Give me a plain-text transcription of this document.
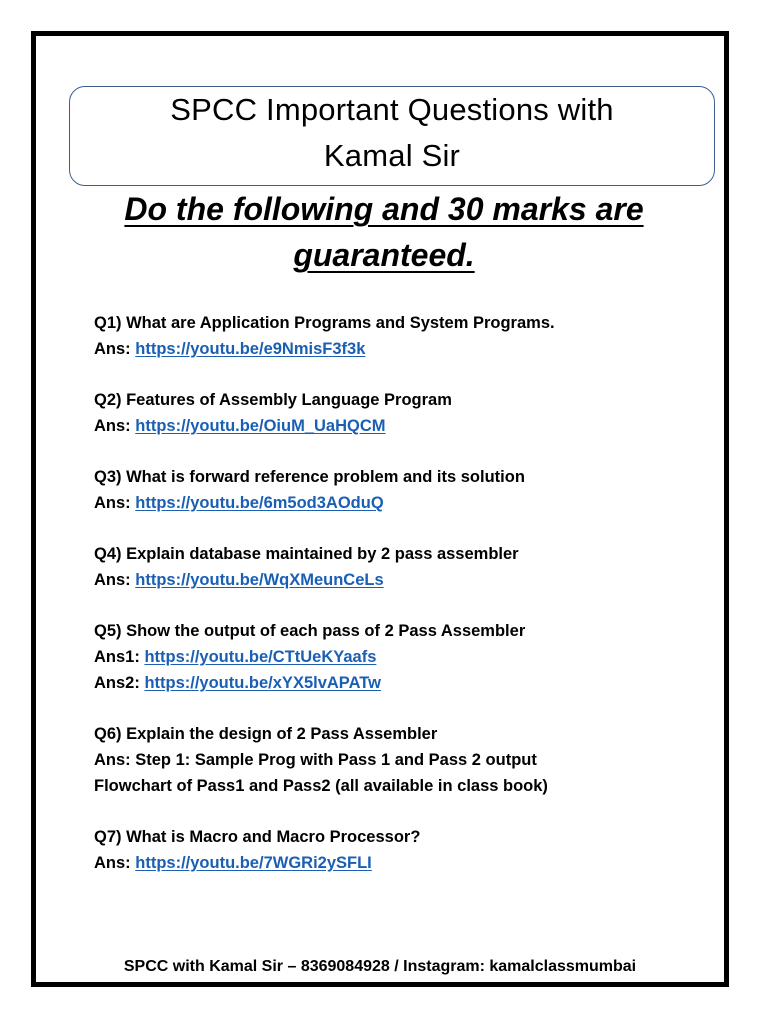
SPCC Important Questions with
Kamal Sir
Do the following and 30 marks are
guaranteed.
Q1) What are Application Programs and System Programs.
Ans: https://youtu.be/e9NmisF3f3k
Q2) Features of Assembly Language Program
Ans: https://youtu.be/OiuM_UaHQCM
Q3) What is forward reference problem and its solution
Ans: https://youtu.be/6m5od3AOduQ
Q4) Explain database maintained by 2 pass assembler
Ans: https://youtu.be/WqXMeunCeLs
Q5) Show the output of each pass of 2 Pass Assembler
Ans1: https://youtu.be/CTtUeKYaafs
Ans2: https://youtu.be/xYX5lvAPATw
Q6) Explain the design of 2 Pass Assembler
Ans: Step 1: Sample Prog with Pass 1 and Pass 2 output
Flowchart of Pass1 and Pass2 (all available in class book)
Q7) What is Macro and Macro Processor?
Ans: https://youtu.be/7WGRi2ySFLI
SPCC with Kamal Sir – 8369084928 / Instagram: kamalclassmumbai
